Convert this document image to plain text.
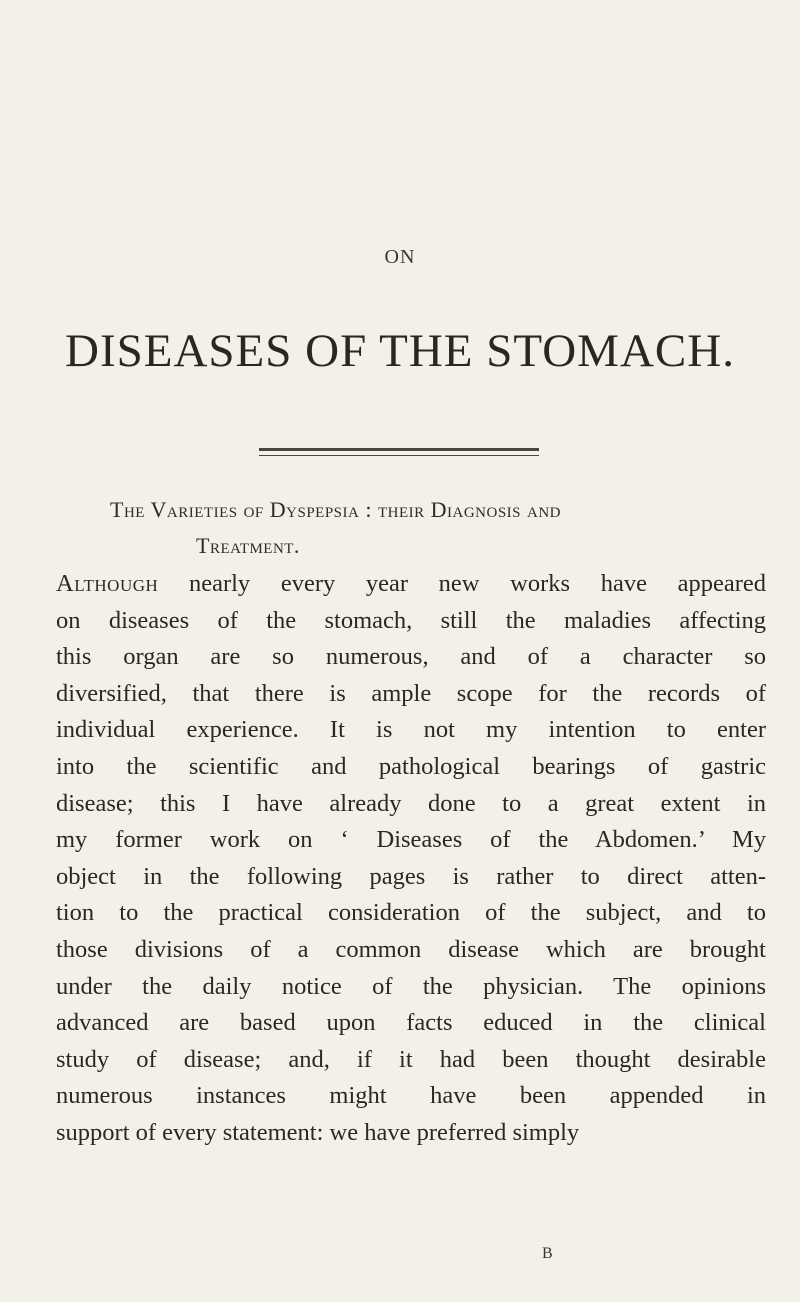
ON
DISEASES OF THE STOMACH.
The Varieties of Dyspepsia : their Diagnosis and
Treatment.
Although nearly every year new works have appeared
on diseases of the stomach, still the maladies affecting
this organ are so numerous, and of a character so
diversified, that there is ample scope for the records of
individual experience. It is not my intention to enter
into the scientific and pathological bearings of gastric
disease; this I have already done to a great extent in
my former work on ‘ Diseases of the Abdomen.’ My
object in the following pages is rather to direct atten-
tion to the practical consideration of the subject, and to
those divisions of a common disease which are brought
under the daily notice of the physician. The opinions
advanced are based upon facts educed in the clinical
study of disease; and, if it had been thought desirable
numerous instances might have been appended in
support of every statement: we have preferred simply
B
